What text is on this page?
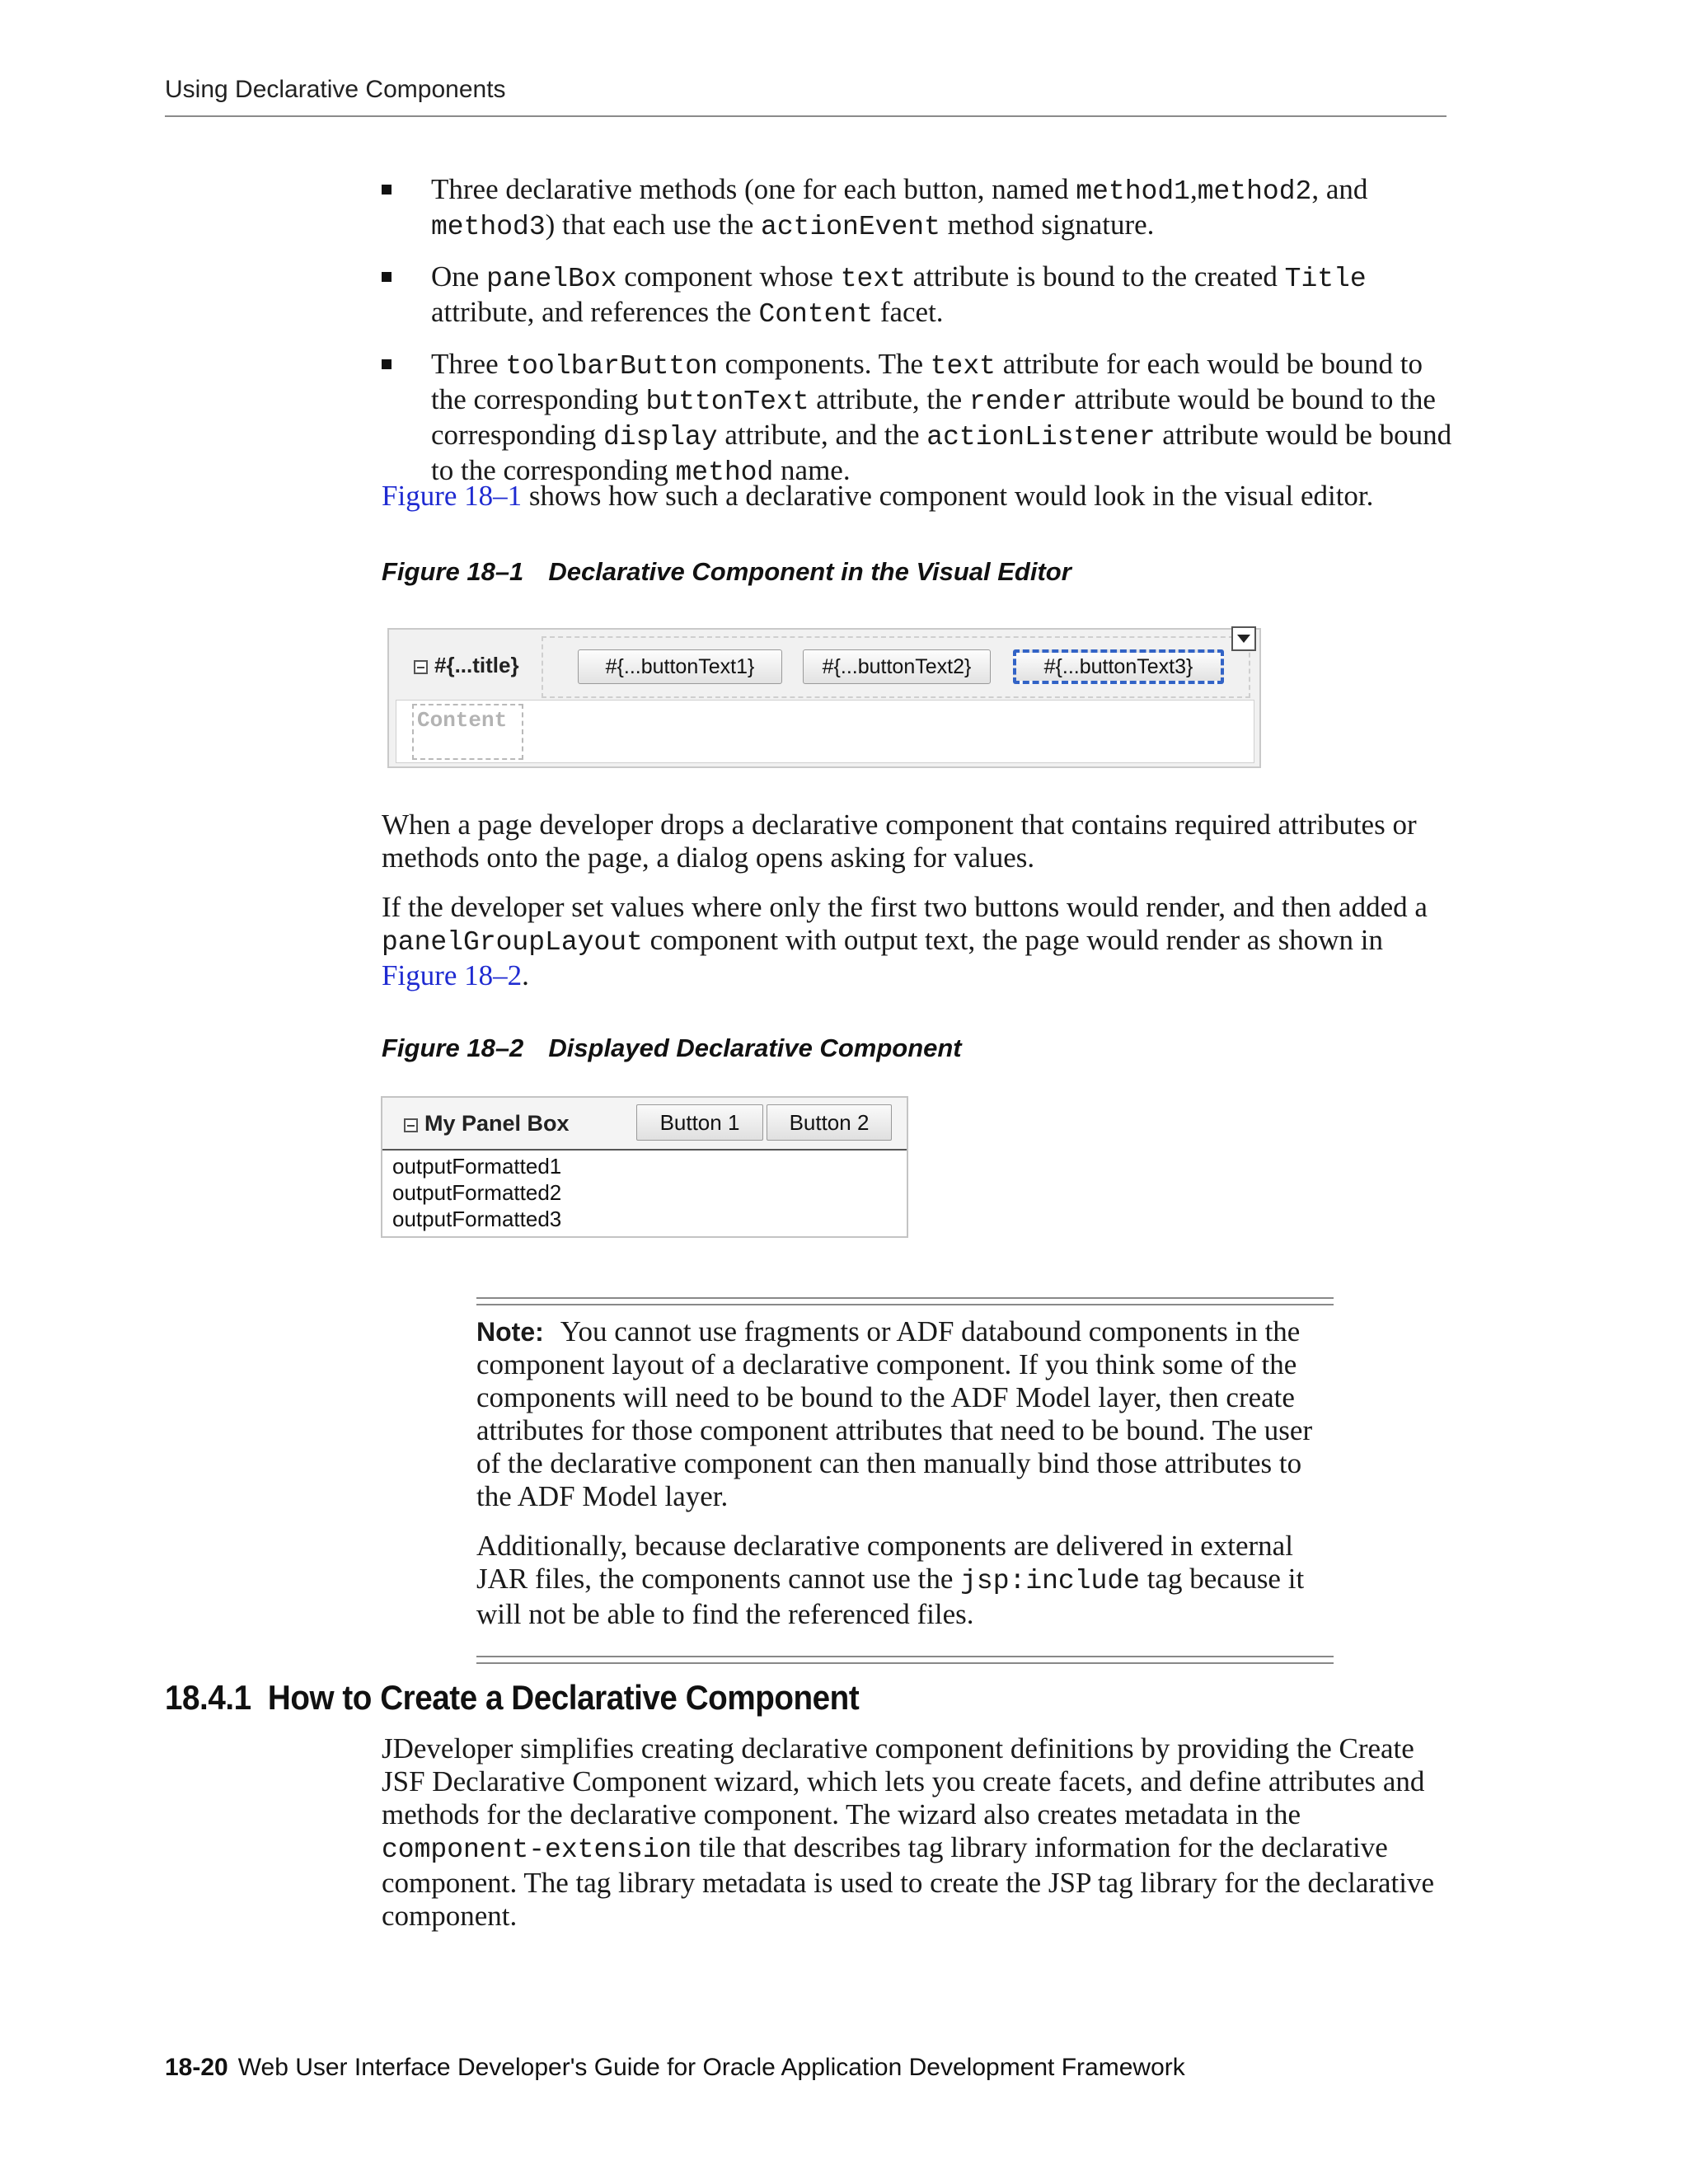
Using Declarative Components
Three declarative methods (one for each button, named method1,method2, and method3) that each use the actionEvent method signature.
One panelBox component whose text attribute is bound to the created Title attribute, and references the Content facet.
Three toolbarButton components. The text attribute for each would be bound to the corresponding buttonText attribute, the render attribute would be bound to the corresponding display attribute, and the actionListener attribute would be bound to the corresponding method name.
Figure 18–1 shows how such a declarative component would look in the visual editor.
Figure 18–1 Declarative Component in the Visual Editor
#{...title}	#{...buttonText1}	#{...buttonText2}	#{...buttonText3}
Content
When a page developer drops a declarative component that contains required attributes or methods onto the page, a dialog opens asking for values.
If the developer set values where only the first two buttons would render, and then added a panelGroupLayout component with output text, the page would render as shown in Figure 18–2.
Figure 18–2 Displayed Declarative Component
My Panel Box	Button 1	Button 2
outputFormatted1
outputFormatted2
outputFormatted3

Note: You cannot use fragments or ADF databound components in the component layout of a declarative component. If you think some of the components will need to be bound to the ADF Model layer, then create attributes for those component attributes that need to be bound. The user of the declarative component can then manually bind those attributes to the ADF Model layer.

Additionally, because declarative components are delivered in external JAR files, the components cannot use the jsp:include tag because it will not be able to find the referenced files.

18.4.1 How to Create a Declarative Component
JDeveloper simplifies creating declarative component definitions by providing the Create JSF Declarative Component wizard, which lets you create facets, and define attributes and methods for the declarative component. The wizard also creates metadata in the component-extension tile that describes tag library information for the declarative component. The tag library metadata is used to create the JSP tag library for the declarative component.
18-20 Web User Interface Developer's Guide for Oracle Application Development Framework
